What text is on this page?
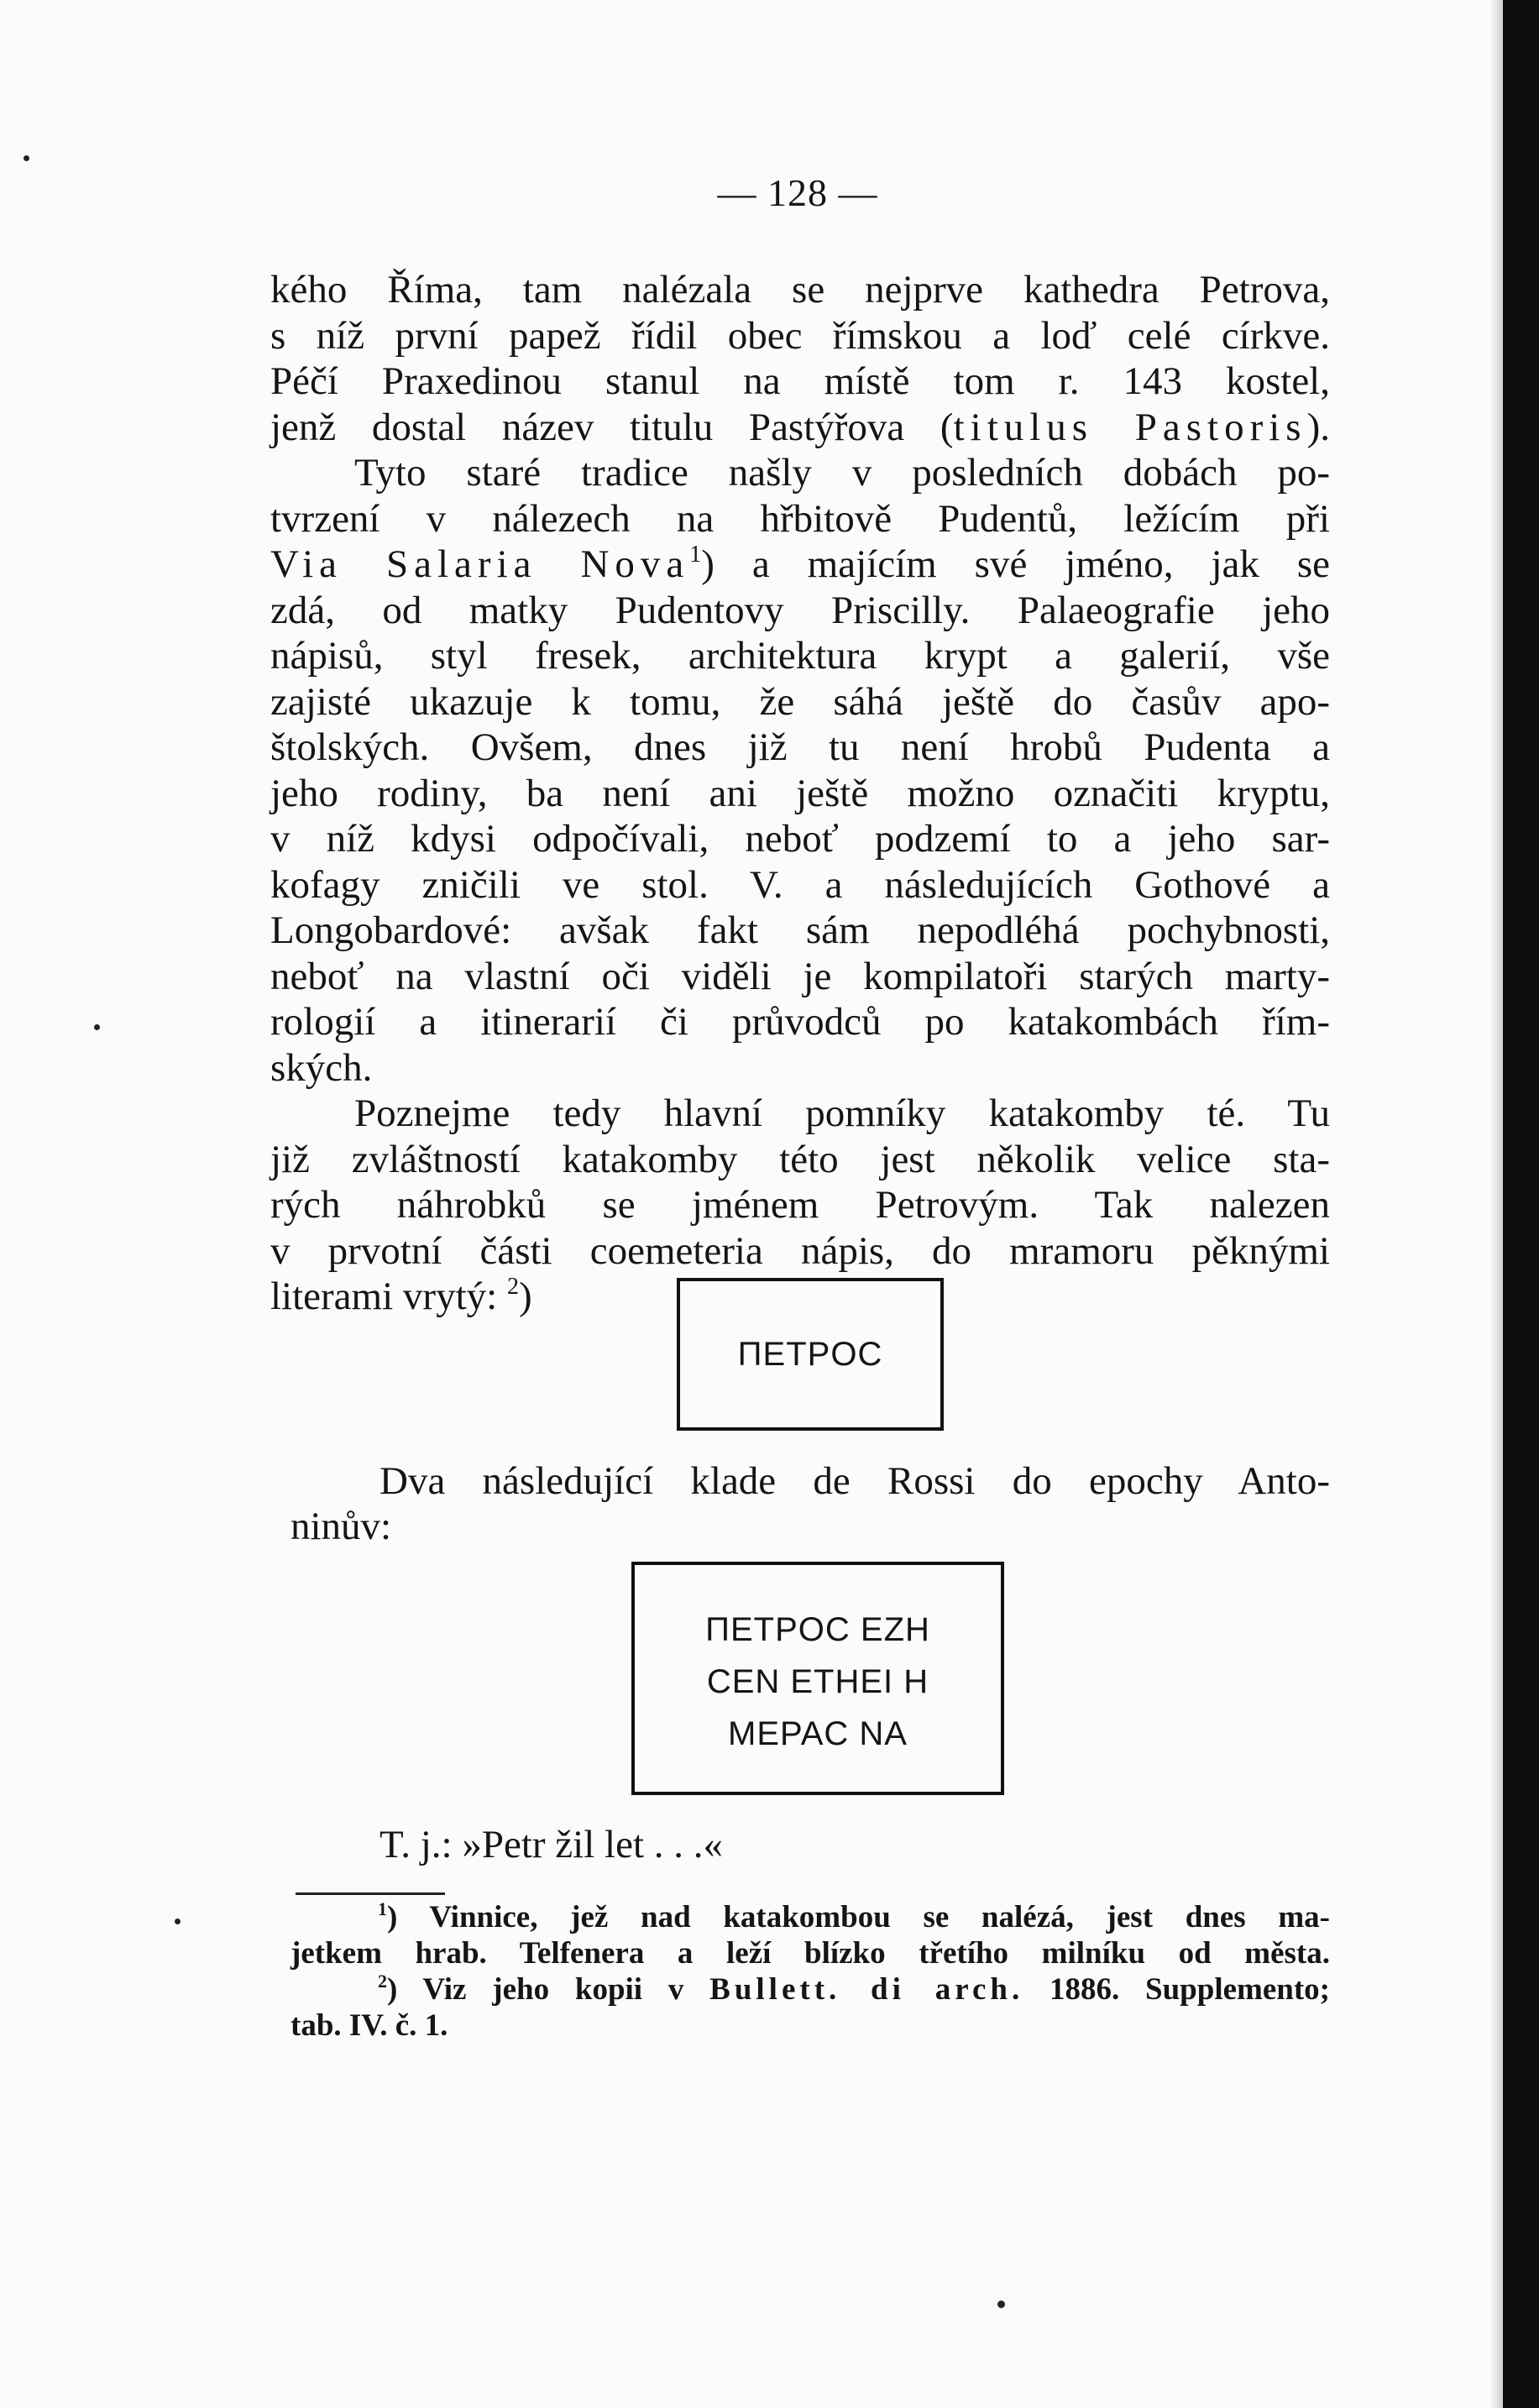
— 128 —
kého Říma, tam nalézala se nejprve kathedra Petrova,
s níž první papež řídil obec římskou a loď celé církve.
Péčí Praxedinou stanul na místě tom r. 143 kostel,
jenž dostal název titulu Pastýřova (titulus Pastoris).
Tyto staré tradice našly v posledních dobách po-
tvrzení v nálezech na hřbitově Pudentů, ležícím při
Via Salaria Nova$^1$) a majícím své jméno, jak se
zdá, od matky Pudentovy Priscilly. Palaeografie jeho
nápisů, styl fresek, architektura krypt a galerií, vše
zajisté ukazuje k tomu, že sáhá ještě do časův apo-
štolských. Ovšem, dnes již tu není hrobů Pudenta a
jeho rodiny, ba není ani ještě možno označiti kryptu,
v níž kdysi odpočívali, neboť podzemí to a jeho sar-
kofagy zničili ve stol. V. a následujících Gothové a
Longobardové: avšak fakt sám nepodléhá pochybnosti,
neboť na vlastní oči viděli je kompilatoři starých marty-
rologií a itinerarií či průvodců po katakombách řím-
ských.
Poznejme tedy hlavní pomníky katakomby té. Tu
již zvláštností katakomby této jest několik velice sta-
rých náhrobků se jménem Petrovým. Tak nalezen
v prvotní části coemeteria nápis, do mramoru pěknými
literami vrytý: $^2$)
ΠΕΤΡΟϹ
Dva následující klade de Rossi do epochy Anto-
ninův:
ΠΕΤΡΟϹ ΕΖΗ
ϹΕΝ ΕΤΗΕΙ Η
ΜΕΡΑϹ ΝΑ
T. j.: »Petr žil let . . .«
$^1$) Vinnice, jež nad katakombou se nalézá, jest dnes ma-
jetkem hrab. Telfenera a leží blízko třetího milníku od města.
$^2$) Viz jeho kopii v Bullett. di arch. 1886. Supplemento;
tab. IV. č. 1.
